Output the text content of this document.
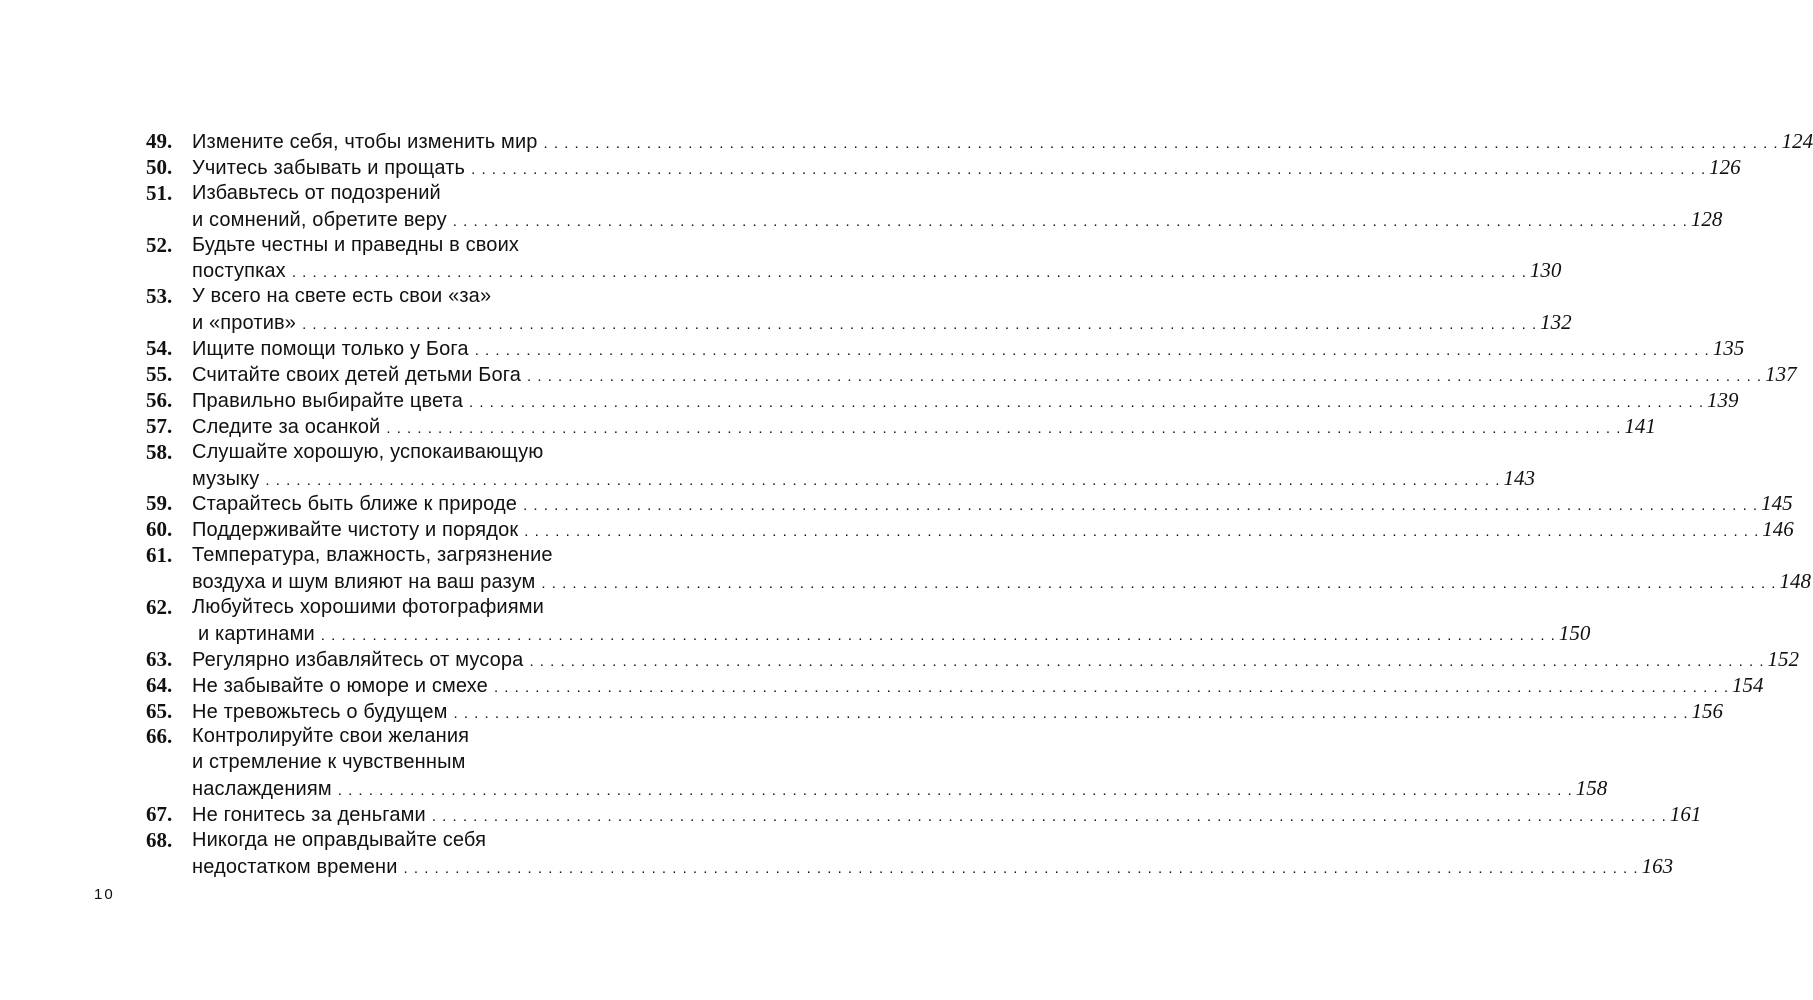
49. Измените себя, чтобы изменить мир . . . . . . . . . . . . . . . . . . . . . . . . . . . . . . . . . . . . . . . . . . . . . . . . . . . . . . . . . . . . . . . . . . . . . . . . . . . . . . . . . . . . . . . . . . . . . . . . . . . . . . . . . . . . . . . . . . . . . . . . 124
50. Учитесь забывать и прощать . . . . . . . . . . . . . . . . . . . . . . . . . . . . . . . . . . . . . . . . . . . . . . . . . . . . . . . . . . . . . . . . . . . . . . . . . . . . . . . . . . . . . . . . . . . . . . . . . . . . . . . . . . . . . . . . . . . . . . . . 126
51. Избавьтесь от подозрений
и сомнений, обретите веру . . . . . . . . . . . . . . . . . . . . . . . . . . . . . . . . . . . . . . . . . . . . . . . . . . . . . . . . . . . . . . . . . . . . . . . . . . . . . . . . . . . . . . . . . . . . . . . . . . . . . . . . . . . . . . . . . . . . . . . . 128
52. Будьте честны и праведны в своих
поступках . . . . . . . . . . . . . . . . . . . . . . . . . . . . . . . . . . . . . . . . . . . . . . . . . . . . . . . . . . . . . . . . . . . . . . . . . . . . . . . . . . . . . . . . . . . . . . . . . . . . . . . . . . . . . . . . . . . . . . . . 130
53. У всего на свете есть свои «за»
и «против» . . . . . . . . . . . . . . . . . . . . . . . . . . . . . . . . . . . . . . . . . . . . . . . . . . . . . . . . . . . . . . . . . . . . . . . . . . . . . . . . . . . . . . . . . . . . . . . . . . . . . . . . . . . . . . . . . . . . . . . . 132
54. Ищите помощи только у Бога . . . . . . . . . . . . . . . . . . . . . . . . . . . . . . . . . . . . . . . . . . . . . . . . . . . . . . . . . . . . . . . . . . . . . . . . . . . . . . . . . . . . . . . . . . . . . . . . . . . . . . . . . . . . . . . . . . . . . . . . 135
55. Считайте своих детей детьми Бога . . . . . . . . . . . . . . . . . . . . . . . . . . . . . . . . . . . . . . . . . . . . . . . . . . . . . . . . . . . . . . . . . . . . . . . . . . . . . . . . . . . . . . . . . . . . . . . . . . . . . . . . . . . . . . . . . . . . . . . . 137
56. Правильно выбирайте цвета . . . . . . . . . . . . . . . . . . . . . . . . . . . . . . . . . . . . . . . . . . . . . . . . . . . . . . . . . . . . . . . . . . . . . . . . . . . . . . . . . . . . . . . . . . . . . . . . . . . . . . . . . . . . . . . . . . . . . . . . 139
57. Следите за осанкой . . . . . . . . . . . . . . . . . . . . . . . . . . . . . . . . . . . . . . . . . . . . . . . . . . . . . . . . . . . . . . . . . . . . . . . . . . . . . . . . . . . . . . . . . . . . . . . . . . . . . . . . . . . . . . . . . . . . . . . . 141
58. Слушайте хорошую, успокаивающую
музыку . . . . . . . . . . . . . . . . . . . . . . . . . . . . . . . . . . . . . . . . . . . . . . . . . . . . . . . . . . . . . . . . . . . . . . . . . . . . . . . . . . . . . . . . . . . . . . . . . . . . . . . . . . . . . . . . . . . . . . . . 143
59. Старайтесь быть ближе к природе . . . . . . . . . . . . . . . . . . . . . . . . . . . . . . . . . . . . . . . . . . . . . . . . . . . . . . . . . . . . . . . . . . . . . . . . . . . . . . . . . . . . . . . . . . . . . . . . . . . . . . . . . . . . . . . . . . . . . . . . 145
60. Поддерживайте чистоту и порядок . . . . . . . . . . . . . . . . . . . . . . . . . . . . . . . . . . . . . . . . . . . . . . . . . . . . . . . . . . . . . . . . . . . . . . . . . . . . . . . . . . . . . . . . . . . . . . . . . . . . . . . . . . . . . . . . . . . . . . . . 146
61. Температура, влажность, загрязнение
воздуха и шум влияют на ваш разум . . . . . . . . . . . . . . . . . . . . . . . . . . . . . . . . . . . . . . . . . . . . . . . . . . . . . . . . . . . . . . . . . . . . . . . . . . . . . . . . . . . . . . . . . . . . . . . . . . . . . . . . . . . . . . . . . . . . . . . . 148
62. Любуйтесь хорошими фотографиями
и картинами . . . . . . . . . . . . . . . . . . . . . . . . . . . . . . . . . . . . . . . . . . . . . . . . . . . . . . . . . . . . . . . . . . . . . . . . . . . . . . . . . . . . . . . . . . . . . . . . . . . . . . . . . . . . . . . . . . . . . . . . 150
63. Регулярно избавляйтесь от мусора . . . . . . . . . . . . . . . . . . . . . . . . . . . . . . . . . . . . . . . . . . . . . . . . . . . . . . . . . . . . . . . . . . . . . . . . . . . . . . . . . . . . . . . . . . . . . . . . . . . . . . . . . . . . . . . . . . . . . . . . 152
64. Не забывайте о юморе и смехе . . . . . . . . . . . . . . . . . . . . . . . . . . . . . . . . . . . . . . . . . . . . . . . . . . . . . . . . . . . . . . . . . . . . . . . . . . . . . . . . . . . . . . . . . . . . . . . . . . . . . . . . . . . . . . . . . . . . . . . . 154
65. Не тревожьтесь о будущем . . . . . . . . . . . . . . . . . . . . . . . . . . . . . . . . . . . . . . . . . . . . . . . . . . . . . . . . . . . . . . . . . . . . . . . . . . . . . . . . . . . . . . . . . . . . . . . . . . . . . . . . . . . . . . . . . . . . . . . . 156
66. Контролируйте свои желания
и стремление к чувственным
наслаждениям . . . . . . . . . . . . . . . . . . . . . . . . . . . . . . . . . . . . . . . . . . . . . . . . . . . . . . . . . . . . . . . . . . . . . . . . . . . . . . . . . . . . . . . . . . . . . . . . . . . . . . . . . . . . . . . . . . . . . . . . 158
67. Не гонитесь за деньгами . . . . . . . . . . . . . . . . . . . . . . . . . . . . . . . . . . . . . . . . . . . . . . . . . . . . . . . . . . . . . . . . . . . . . . . . . . . . . . . . . . . . . . . . . . . . . . . . . . . . . . . . . . . . . . . . . . . . . . . . 161
68. Никогда не оправдывайте себя
недостатком времени . . . . . . . . . . . . . . . . . . . . . . . . . . . . . . . . . . . . . . . . . . . . . . . . . . . . . . . . . . . . . . . . . . . . . . . . . . . . . . . . . . . . . . . . . . . . . . . . . . . . . . . . . . . . . . . . . . . . . . . . 163
10
